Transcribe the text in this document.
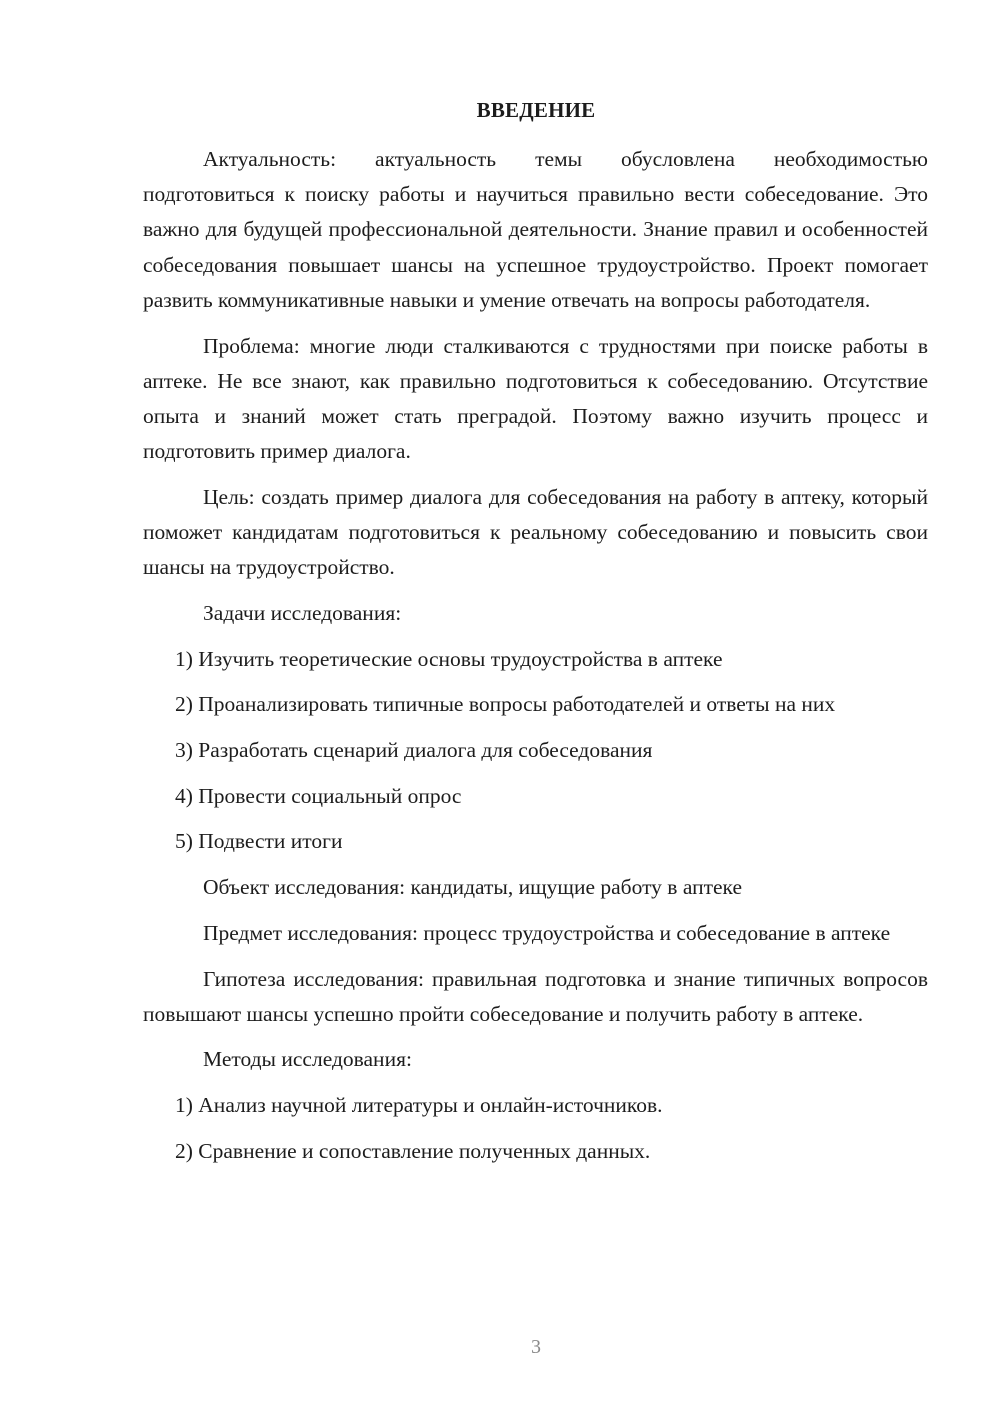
ВВЕДЕНИЕ

Актуальность: актуальность темы обусловлена необходимостью подготовиться к поиску работы и научиться правильно вести собеседование. Это важно для будущей профессиональной деятельности. Знание правил и особенностей собеседования повышает шансы на успешное трудоустройство. Проект помогает развить коммуникативные навыки и умение отвечать на вопросы работодателя.

Проблема: многие люди сталкиваются с трудностями при поиске работы в аптеке. Не все знают, как правильно подготовиться к собеседованию. Отсутствие опыта и знаний может стать преградой. Поэтому важно изучить процесс и подготовить пример диалога.

Цель: создать пример диалога для собеседования на работу в аптеку, который поможет кандидатам подготовиться к реальному собеседованию и повысить свои шансы на трудоустройство.

Задачи исследования:

1) Изучить теоретические основы трудоустройства в аптеке

2) Проанализировать типичные вопросы работодателей и ответы на них

3) Разработать сценарий диалога для собеседования

4) Провести социальный опрос

5) Подвести итоги

Объект исследования: кандидаты, ищущие работу в аптеке

Предмет исследования: процесс трудоустройства и собеседование в аптеке

Гипотеза исследования: правильная подготовка и знание типичных вопросов повышают шансы успешно пройти собеседование и получить работу в аптеке.

Методы исследования:

1) Анализ научной литературы и онлайн-источников.

2) Сравнение и сопоставление полученных данных.

3
